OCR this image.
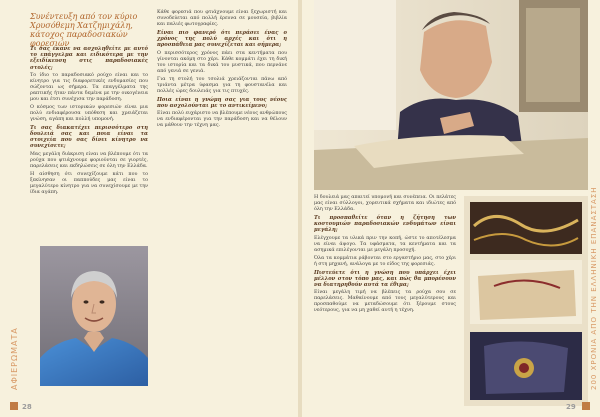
Συνέντευξη από τον κύριο Χρυσόθεμη Χατζημιχάλη, κάτοχος παραδοσιακών φορεσιών

Τι σας έκανε να ασχοληθείτε με αυτό το επάγγελμα και ειδικότερα με την εξειδίκευση στις παραδοσιακές στολές;

Το ίδιο το παραδοσιακό ρούχο είναι και το κίνητρο για τις διαφορετικές ενδυμασίες που σώζονται ως σήμερα. Τα επαγγέλματα της ραπτικής ήταν πάντα δεμένα με την οικογένεια μου και έτσι συνέχισα την παράδοση.

Ο κόσμος των ιστορικών φορεσιών είναι μια πολύ ενδιαφέρουσα υπόθεση και χρειάζεται γνώση, αγάπη και πολλή υπομονή.

Τι σας διακατέχει περισσότερο στη δουλειά σας και ποια είναι τα στοιχεία που σας δίνει κίνητρο να συνεχίσετε;

Μας μεγάλη διάκριση είναι να βλέπουμε ότι τα ρούχα που φτιάχνουμε φοριούνται σε γιορτές, παρελάσεις και εκδηλώσεις σε όλη την Ελλάδα.

Η αίσθηση ότι συνεχίζουμε κάτι που το ξεκίνησαν οι παππούδες μας είναι το μεγαλύτερο κίνητρο για να συνεχίσουμε με την ίδια αγάπη.

Κάθε φορεσιά που φτιάχνουμε είναι ξεχωριστή και συνοδεύεται από πολλή έρευνα σε μουσεία, βιβλία και παλιές φωτογραφίες.

Είναι πιο φανερό ότι περάσει ένας ο χρόνος της πολύ αρχές και ότι η προσπάθεια μας συνεχίζεται και σήμερα;

Ο περισσότερος χρόνος πάει στα κεντήματα που γίνονται ακόμη στο χέρι. Κάθε κομμάτι έχει τη δική του ιστορία και τα δικά του μυστικά, που περνάνε από γενιά σε γενιά.

Για τη στολή του τσολιά χρειάζονται πάνω από τριάντα μέτρα ύφασμα για τη φουστανέλα και πολλές ώρες δουλειάς για τις πτυχές.

Ποια είναι η γνώμη σας για τους νέους που ασχολούνται με το αντικείμενο;

Είναι πολύ ευχάριστο να βλέπουμε νέους ανθρώπους να ενδιαφέρονται για την παράδοση και να θέλουν να μάθουν την τέχνη μας.

ΑΦΙΕΡΩΜΑΤΑ
28

Η δουλειά μας απαιτεί υπομονή και συνέπεια. Οι πελάτες μας είναι σύλλογοι, χορευτικά σχήματα και ιδιώτες από όλη την Ελλάδα.

Τι προσπαθείτε όταν η ζήτηση των κοστουμιών παραδοσιακών ενδυμάτων είναι μεγάλη;

Ελέγχουμε τα υλικά πριν την κοπή, ώστε το αποτέλεσμα να είναι άψογο. Τα υφάσματα, τα κεντήματα και τα ασημικά επιλέγονται με μεγάλη προσοχή.

Όλα τα κομμάτια ράβονται στο εργαστήριο μας, στο χέρι ή στη μηχανή, ανάλογα με το είδος της φορεσιάς.

Πιστεύετε ότι η γνώση που υπάρχει έχει μέλλον στον τόπο μας, και πώς θα μπορέσουν να διατηρηθούν αυτά τα έθιμα;

Είναι μεγάλη τιμή να βλέπεις τα ρούχα σου σε παρελάσεις. Μαθαίνουμε από τους μεγαλύτερους και προσπαθούμε να μεταδώσουμε ότι ξέρουμε στους νεότερους, για να μη χαθεί αυτή η τέχνη.	200 ΧΡΟΝΙΑ ΑΠΟ ΤΗΝ ΕΛΛΗΝΙΚΗ ΕΠΑΝΑΣΤΑΣΗ
29
